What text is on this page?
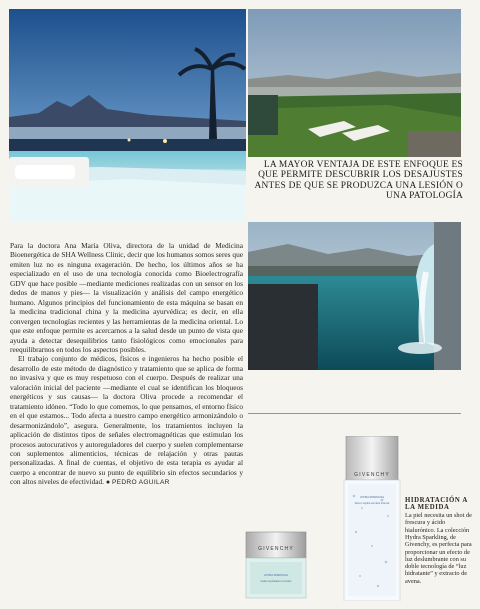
LA MAYOR VENTAJA DE ESTE ENFOQUE ES QUE PERMITE DESCUBRIR LOS DESAJUSTES ANTES DE QUE SE PRODUZCA UNA LESIÓN O UNA PATOLOGÍA

Para la doctora Ana María Oliva, directora de la unidad de Medicina Bioenergética de SHA Wellness Clinic, decir que los humanos somos seres que emiten luz no es ninguna exageración. De hecho, los últimos años se ha especializado en el uso de una tecnología conocida como Bioelectrografía GDV que hace posible —mediante mediciones realizadas con un sensor en los dedos de manos y pies— la visualización y análisis del campo energético humano. Algunos principios del funcionamiento de esta máquina se basan en la medicina tradicional china y la medicina ayurvédica; es decir, en ella convergen tecnologías recientes y las herramientas de la medicina oriental. Lo que este enfoque permite es acercarnos a la salud desde un punto de vista que ayuda a detectar desequilibrios tanto fisiológicos como emocionales para reequilibrarnos en todos los aspectos posibles.

El trabajo conjunto de médicos, físicos e ingenieros ha hecho posible el desarrollo de este método de diagnóstico y tratamiento que se aplica de forma no invasiva y que es muy respetuoso con el cuerpo. Después de realizar una valoración inicial del paciente —mediante el cual se identifican los bloqueos energéticos y sus causas— la doctora Oliva procede a recomendar el tratamiento idóneo. “Todo lo que comemos, lo que pensamos, el entorno físico en el que estamos... Todo afecta a nuestro campo energético armonizándolo o desarmonizándolo”, asegura. Generalmente, los tratamientos incluyen la aplicación de distintos tipos de señales electromagnéticas que estimulan los procesos autocurativos y autoreguladores del cuerpo y suelen complementarse con suplementos alimenticios, técnicas de relajación y otras pautas personalizadas. A final de cuentas, el objetivo de esta terapia es ayudar al cuerpo a encontrar de nuevo su punto de equilibrio sin efectos secundarios y con altos niveles de efectividad. ● PEDRO AGUILAR

GIVENCHY
HYDRA SPARKLING
Sérum Hydra-Lumière Intense
GIVENCHY
HYDRA SPARKLING
Gelée Hydratation Lumière
HIDRATACIÓN A LA MEDIDA
La piel necesita un shot de frescura y ácido hialurónico. La colección Hydra Sparkling, de Givenchy, es perfecta para proporcionar un efecto de luz deslumbrante con su doble tecnología de “luz hidratante” y extracto de avena.
